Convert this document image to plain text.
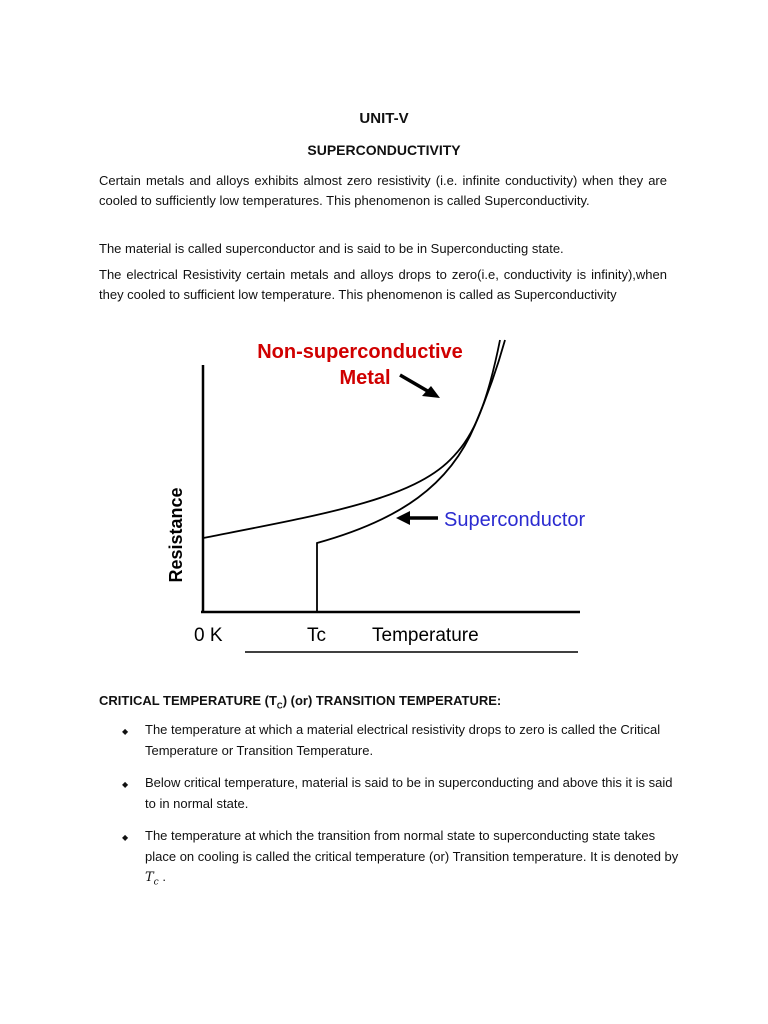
UNIT-V
SUPERCONDUCTIVITY

Certain metals and alloys exhibits almost zero resistivity (i.e. infinite conductivity) when they are cooled to sufficiently low temperatures. This phenomenon is called Superconductivity.

The material is called superconductor and is said to be in Superconducting state.

The electrical Resistivity certain metals and alloys drops to zero(i.e, conductivity is infinity),when they cooled to sufficient low temperature. This phenomenon is called as Superconductivity

Non-superconductive
Metal
Superconductor
Resistance
0 K	Tc Temperature
CRITICAL TEMPERATURE $(T_C)$ (or) TRANSITION TEMPERATURE:
◆ The temperature at which a material electrical resistivity drops to zero is called the Critical Temperature or Transition Temperature.
◆ Below critical temperature, material is said to be in superconducting and above this it is said to in normal state.
◆ The temperature at which the transition from normal state to superconducting state takes place on cooling is called the critical temperature (or) Transition temperature. It is denoted by $T_c$ .
